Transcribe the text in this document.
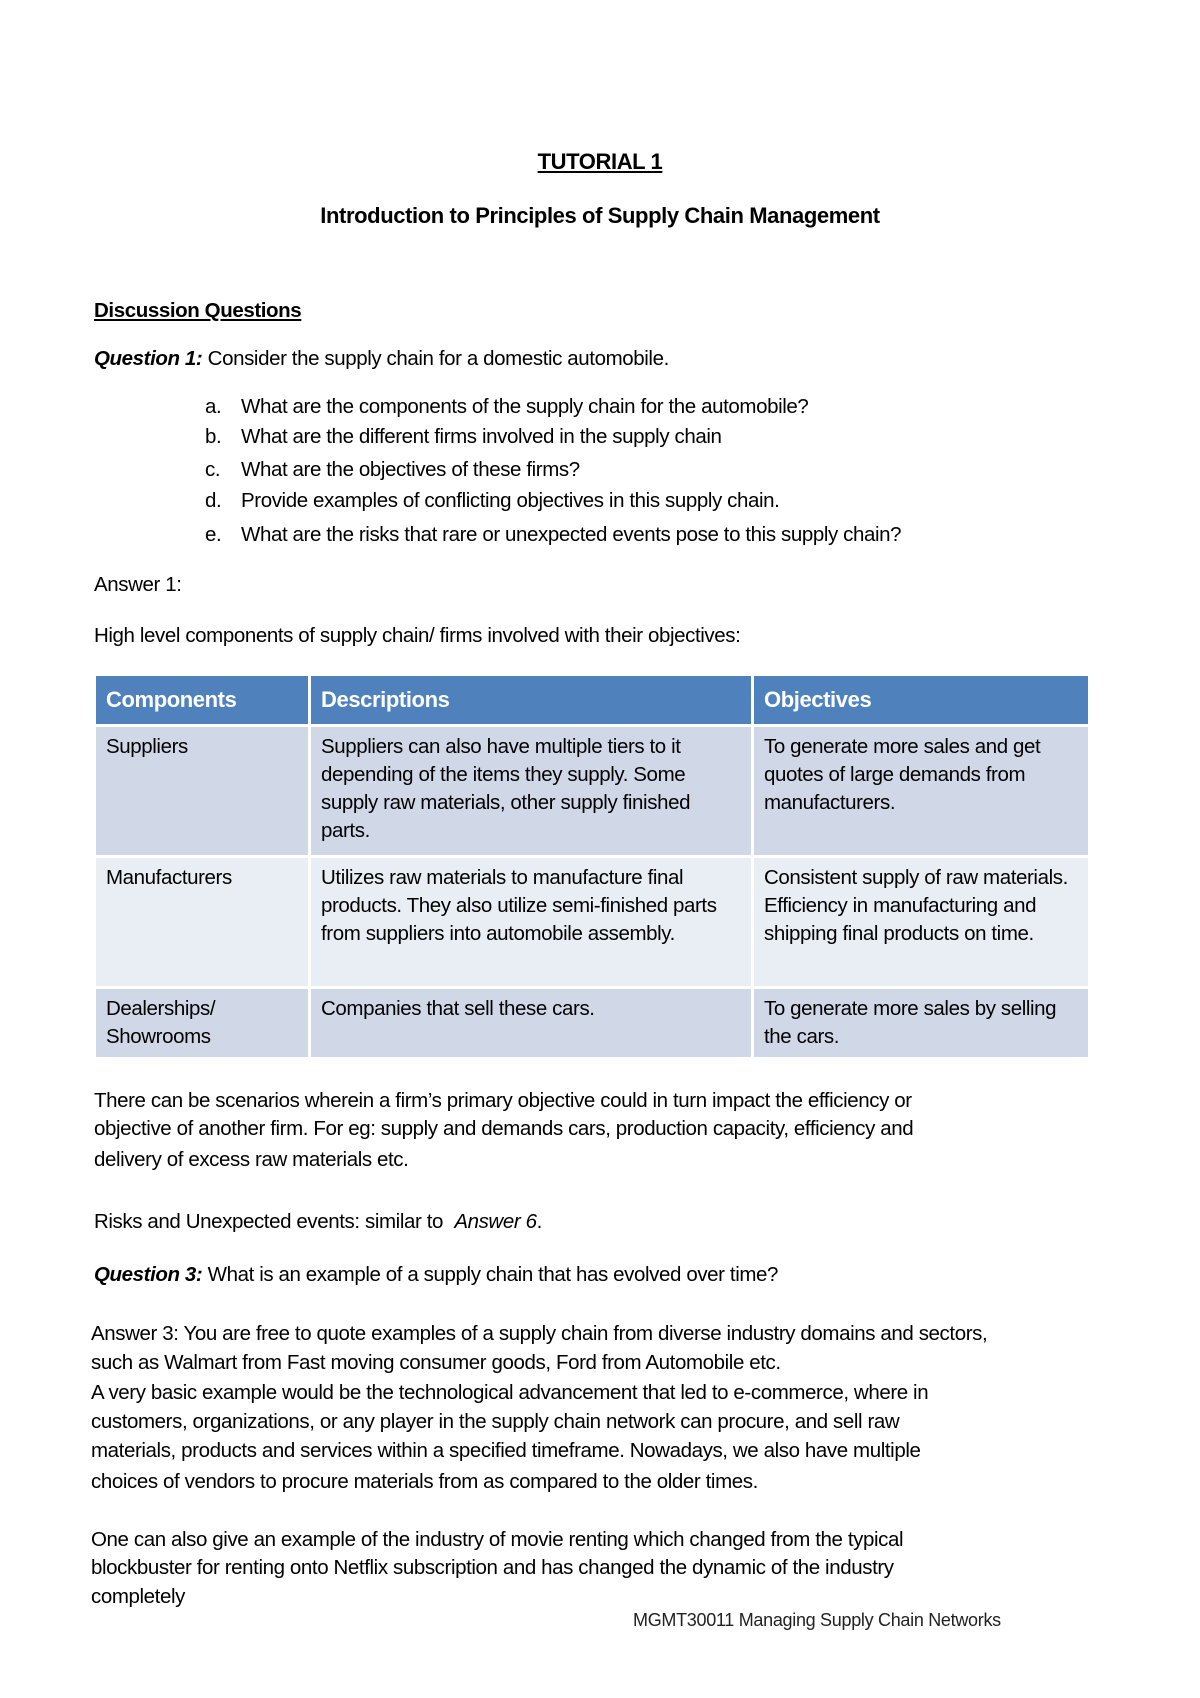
TUTORIAL 1
Introduction to Principles of Supply Chain Management
Discussion Questions
Question 1: Consider the supply chain for a domestic automobile.
a. What are the components of the supply chain for the automobile?
b. What are the different firms involved in the supply chain
c. What are the objectives of these firms?
d. Provide examples of conflicting objectives in this supply chain.
e. What are the risks that rare or unexpected events pose to this supply chain?
Answer 1:
High level components of supply chain/ firms involved with their objectives:
Components	Descriptions	Objectives
Suppliers	Suppliers can also have multiple tiers to it depending of the items they supply. Some supply raw materials, other supply finished parts.	To generate more sales and get quotes of large demands from manufacturers.
Manufacturers	Utilizes raw materials to manufacture final products. They also utilize semi-finished parts from suppliers into automobile assembly.	Consistent supply of raw materials. Efficiency in manufacturing and shipping final products on time.
Dealerships/ Showrooms	Companies that sell these cars.	To generate more sales by selling the cars.
There can be scenarios wherein a firm’s primary objective could in turn impact the efficiency or
objective of another firm. For eg: supply and demands cars, production capacity, efficiency and
delivery of excess raw materials etc.
Risks and Unexpected events: similar to Answer 6.
Question 3: What is an example of a supply chain that has evolved over time?
Answer 3: You are free to quote examples of a supply chain from diverse industry domains and sectors,
such as Walmart from Fast moving consumer goods, Ford from Automobile etc.
A very basic example would be the technological advancement that led to e-commerce, where in
customers, organizations, or any player in the supply chain network can procure, and sell raw
materials, products and services within a specified timeframe. Nowadays, we also have multiple
choices of vendors to procure materials from as compared to the older times.
One can also give an example of the industry of movie renting which changed from the typical
blockbuster for renting onto Netflix subscription and has changed the dynamic of the industry
completely
MGMT30011 Managing Supply Chain Networks
